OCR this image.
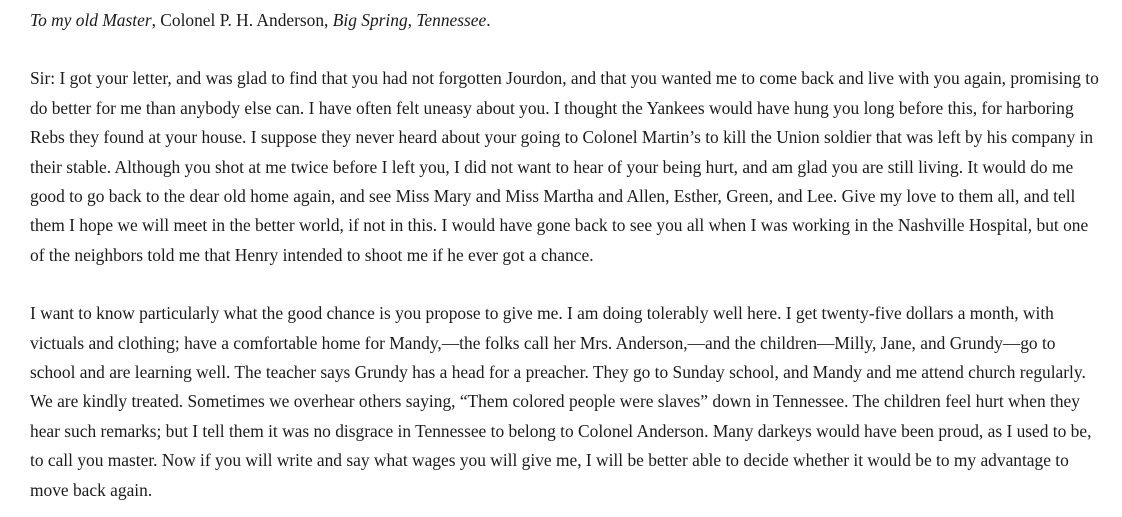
To my old Master, Colonel P. H. Anderson, Big Spring, Tennessee.

Sir: I got your letter, and was glad to find that you had not forgotten Jourdon, and that you wanted me to come back and live with you again, promising to do better for me than anybody else can. I have often felt uneasy about you. I thought the Yankees would have hung you long before this, for harboring Rebs they found at your house. I suppose they never heard about your going to Colonel Martin’s to kill the Union soldier that was left by his company in their stable. Although you shot at me twice before I left you, I did not want to hear of your being hurt, and am glad you are still living. It would do me good to go back to the dear old home again, and see Miss Mary and Miss Martha and Allen, Esther, Green, and Lee. Give my love to them all, and tell them I hope we will meet in the better world, if not in this. I would have gone back to see you all when I was working in the Nashville Hospital, but one of the neighbors told me that Henry intended to shoot me if he ever got a chance.

I want to know particularly what the good chance is you propose to give me. I am doing tolerably well here. I get twenty-five dollars a month, with victuals and clothing; have a comfortable home for Mandy,—the folks call her Mrs. Anderson,—and the children—Milly, Jane, and Grundy—go to school and are learning well. The teacher says Grundy has a head for a preacher. They go to Sunday school, and Mandy and me attend church regularly. We are kindly treated. Sometimes we overhear others saying, “Them colored people were slaves” down in Tennessee. The children feel hurt when they hear such remarks; but I tell them it was no disgrace in Tennessee to belong to Colonel Anderson. Many darkeys would have been proud, as I used to be, to call you master. Now if you will write and say what wages you will give me, I will be better able to decide whether it would be to my advantage to move back again.
